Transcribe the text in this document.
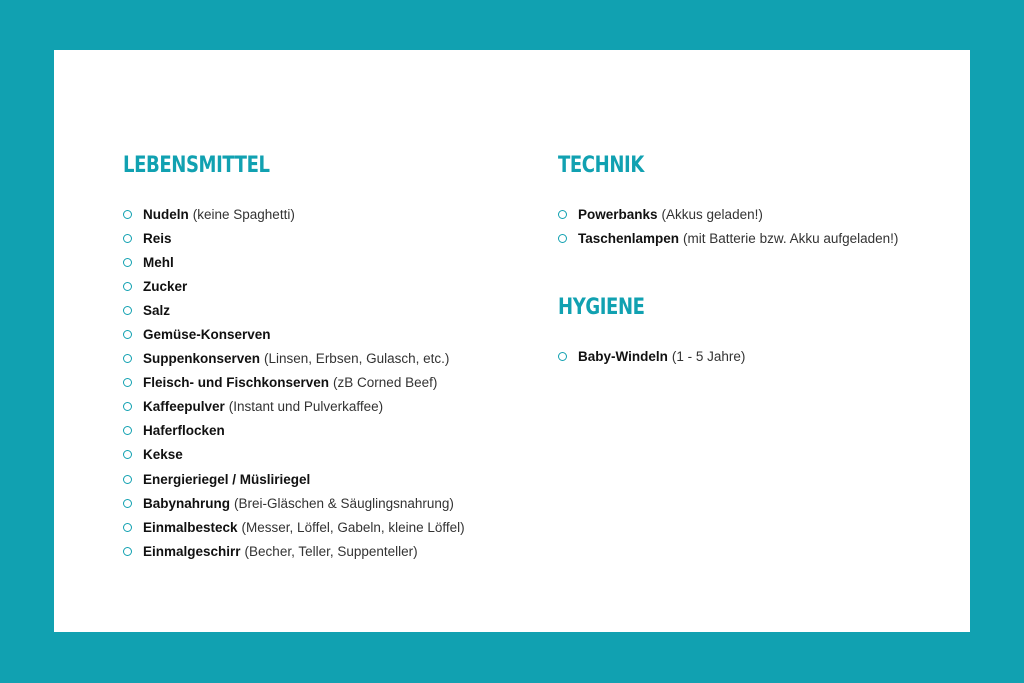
LEBENSMITTEL
Nudeln (keine Spaghetti)
Reis
Mehl
Zucker
Salz
Gemüse-Konserven
Suppenkonserven (Linsen, Erbsen, Gulasch, etc.)
Fleisch- und Fischkonserven (zB Corned Beef)
Kaffeepulver (Instant und Pulverkaffee)
Haferflocken
Kekse
Energieriegel / Müsliriegel
Babynahrung (Brei-Gläschen & Säuglingsnahrung)
Einmalbesteck (Messer, Löffel, Gabeln, kleine Löffel)
Einmalgeschirr (Becher, Teller, Suppenteller)
TECHNIK
Powerbanks (Akkus geladen!)
Taschenlampen (mit Batterie bzw. Akku aufgeladen!)
HYGIENE
Baby-Windeln (1 - 5 Jahre)
